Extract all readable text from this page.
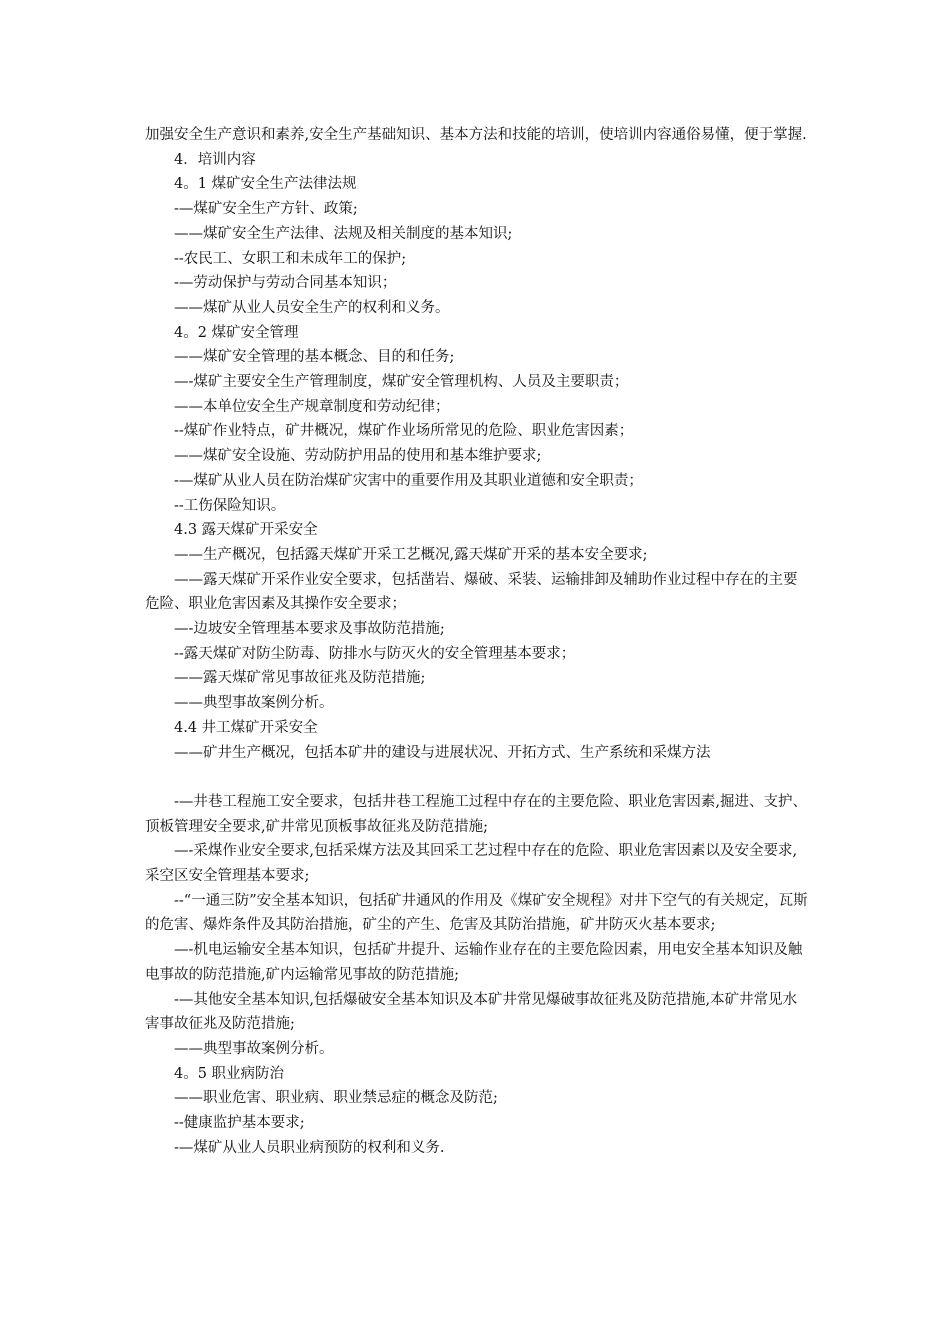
加强安全生产意识和素养,安全生产基础知识、基本方法和技能的培训，使培训内容通俗易懂，便于掌握.

4．培训内容

4。1 煤矿安全生产法律法规

-—煤矿安全生产方针、政策;

——煤矿安全生产法律、法规及相关制度的基本知识;

--农民工、女职工和未成年工的保护;

-—劳动保护与劳动合同基本知识；

——煤矿从业人员安全生产的权利和义务。

4。2 煤矿安全管理

——煤矿安全管理的基本概念、目的和任务;

—-煤矿主要安全生产管理制度，煤矿安全管理机构、人员及主要职责；

——本单位安全生产规章制度和劳动纪律；

--煤矿作业特点，矿井概况，煤矿作业场所常见的危险、职业危害因素；

——煤矿安全设施、劳动防护用品的使用和基本维护要求;

-—煤矿从业人员在防治煤矿灾害中的重要作用及其职业道德和安全职责；

--工伤保险知识。

4.3 露天煤矿开采安全

——生产概况，包括露天煤矿开采工艺概况,露天煤矿开采的基本安全要求;

——露天煤矿开采作业安全要求，包括凿岩、爆破、采装、运输排卸及辅助作业过程中存在的主要危险、职业危害因素及其操作安全要求；

—-边坡安全管理基本要求及事故防范措施;

--露天煤矿对防尘防毒、防排水与防灭火的安全管理基本要求；

——露天煤矿常见事故征兆及防范措施;

——典型事故案例分析。

4.4 井工煤矿开采安全

——矿井生产概况，包括本矿井的建设与进展状况、开拓方式、生产系统和采煤方法

-—井巷工程施工安全要求，包括井巷工程施工过程中存在的主要危险、职业危害因素,掘进、支护、顶板管理安全要求,矿井常见顶板事故征兆及防范措施;

—-采煤作业安全要求,包括采煤方法及其回采工艺过程中存在的危险、职业危害因素以及安全要求,采空区安全管理基本要求;

--“一通三防”安全基本知识，包括矿井通风的作用及《煤矿安全规程》对井下空气的有关规定，瓦斯的危害、爆炸条件及其防治措施，矿尘的产生、危害及其防治措施，矿井防灭火基本要求;

—-机电运输安全基本知识，包括矿井提升、运输作业存在的主要危险因素，用电安全基本知识及触电事故的防范措施,矿内运输常见事故的防范措施;

-—其他安全基本知识,包括爆破安全基本知识及本矿井常见爆破事故征兆及防范措施,本矿井常见水害事故征兆及防范措施;

——典型事故案例分析。

4。5 职业病防治

——职业危害、职业病、职业禁忌症的概念及防范;

--健康监护基本要求;

-—煤矿从业人员职业病预防的权利和义务.
